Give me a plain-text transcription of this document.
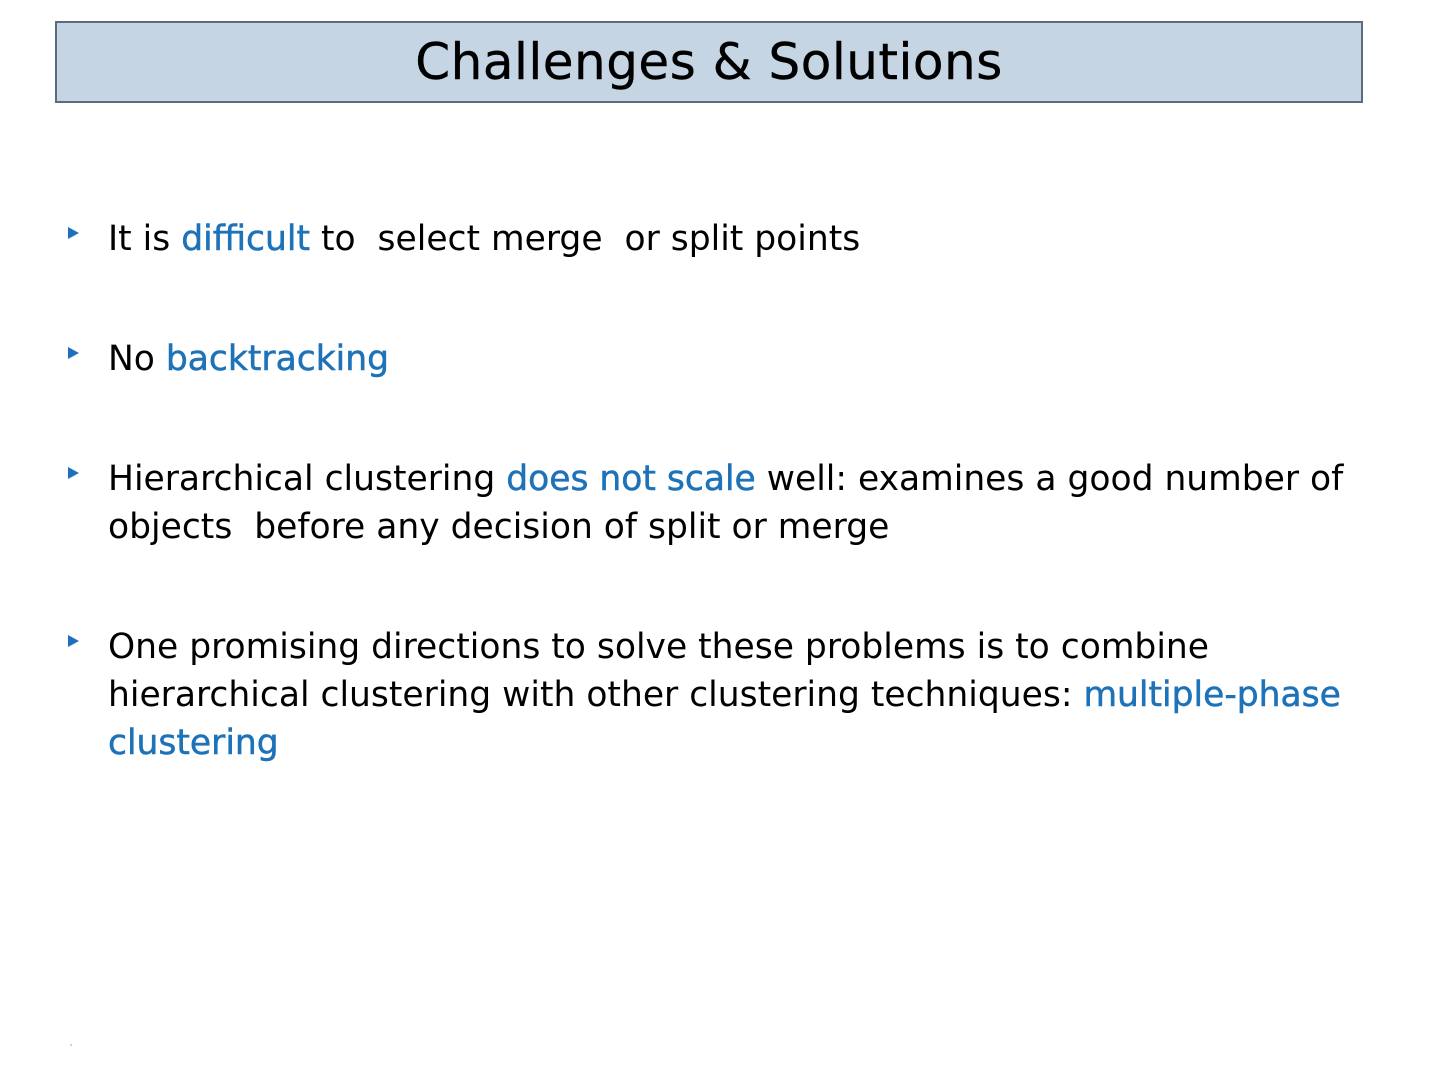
Challenges & Solutions
It is difficult to  select merge  or split points
No backtracking
Hierarchical clustering does not scale well: examines a good number of objects  before any decision of split or merge
One promising directions to solve these problems is to combine hierarchical clustering with other clustering techniques: multiple-phase clustering
